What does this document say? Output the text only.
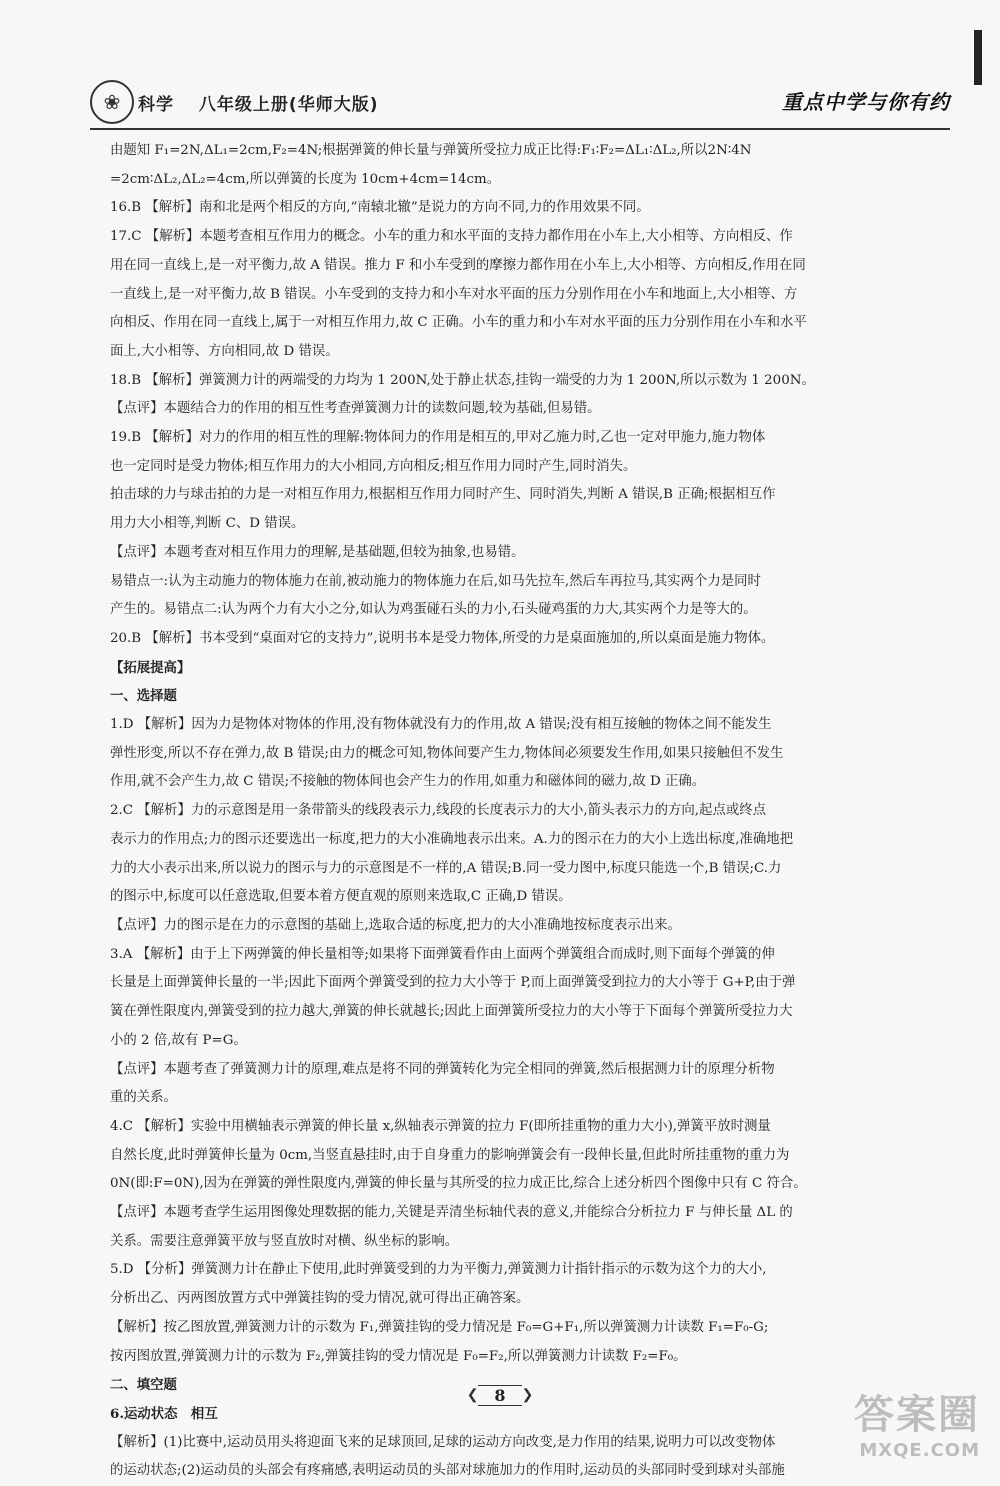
❀	科学 八年级上册(华师大版)	重点中学与你有约

由题知 F₁=2N,ΔL₁=2cm,F₂=4N;根据弹簧的伸长量与弹簧所受拉力成正比得:F₁∶F₂=ΔL₁∶ΔL₂,所以2N∶4N

=2cm∶ΔL₂,ΔL₂=4cm,所以弹簧的长度为 10cm+4cm=14cm。

16.B 【解析】南和北是两个相反的方向,“南辕北辙”是说力的方向不同,力的作用效果不同。

17.C 【解析】本题考查相互作用力的概念。小车的重力和水平面的支持力都作用在小车上,大小相等、方向相反、作

用在同一直线上,是一对平衡力,故 A 错误。推力 F 和小车受到的摩擦力都作用在小车上,大小相等、方向相反,作用在同

一直线上,是一对平衡力,故 B 错误。小车受到的支持力和小车对水平面的压力分别作用在小车和地面上,大小相等、方

向相反、作用在同一直线上,属于一对相互作用力,故 C 正确。小车的重力和小车对水平面的压力分别作用在小车和水平

面上,大小相等、方向相同,故 D 错误。

18.B 【解析】弹簧测力计的两端受的力均为 1 200N,处于静止状态,挂钩一端受的力为 1 200N,所以示数为 1 200N。

【点评】本题结合力的作用的相互性考查弹簧测力计的读数问题,较为基础,但易错。

19.B 【解析】对力的作用的相互性的理解:物体间力的作用是相互的,甲对乙施力时,乙也一定对甲施力,施力物体

也一定同时是受力物体;相互作用力的大小相同,方向相反;相互作用力同时产生,同时消失。

拍击球的力与球击拍的力是一对相互作用力,根据相互作用力同时产生、同时消失,判断 A 错误,B 正确;根据相互作

用力大小相等,判断 C、D 错误。

【点评】本题考查对相互作用力的理解,是基础题,但较为抽象,也易错。

易错点一:认为主动施力的物体施力在前,被动施力的物体施力在后,如马先拉车,然后车再拉马,其实两个力是同时

产生的。易错点二:认为两个力有大小之分,如认为鸡蛋碰石头的力小,石头碰鸡蛋的力大,其实两个力是等大的。

20.B 【解析】书本受到“桌面对它的支持力”,说明书本是受力物体,所受的力是桌面施加的,所以桌面是施力物体。

【拓展提高】

一、选择题

1.D 【解析】因为力是物体对物体的作用,没有物体就没有力的作用,故 A 错误;没有相互接触的物体之间不能发生

弹性形变,所以不存在弹力,故 B 错误;由力的概念可知,物体间要产生力,物体间必须要发生作用,如果只接触但不发生

作用,就不会产生力,故 C 错误;不接触的物体间也会产生力的作用,如重力和磁体间的磁力,故 D 正确。

2.C 【解析】力的示意图是用一条带箭头的线段表示力,线段的长度表示力的大小,箭头表示力的方向,起点或终点

表示力的作用点;力的图示还要选出一标度,把力的大小准确地表示出来。A.力的图示在力的大小上选出标度,准确地把

力的大小表示出来,所以说力的图示与力的示意图是不一样的,A 错误;B.同一受力图中,标度只能选一个,B 错误;C.力

的图示中,标度可以任意选取,但要本着方便直观的原则来选取,C 正确,D 错误。

【点评】力的图示是在力的示意图的基础上,选取合适的标度,把力的大小准确地按标度表示出来。

3.A 【解析】由于上下两弹簧的伸长量相等;如果将下面弹簧看作由上面两个弹簧组合而成时,则下面每个弹簧的伸

长量是上面弹簧伸长量的一半;因此下面两个弹簧受到的拉力大小等于 P,而上面弹簧受到拉力的大小等于 G+P,由于弹

簧在弹性限度内,弹簧受到的拉力越大,弹簧的伸长就越长;因此上面弹簧所受拉力的大小等于下面每个弹簧所受拉力大

小的 2 倍,故有 P=G。

【点评】本题考查了弹簧测力计的原理,难点是将不同的弹簧转化为完全相同的弹簧,然后根据测力计的原理分析物

重的关系。

4.C 【解析】实验中用横轴表示弹簧的伸长量 x,纵轴表示弹簧的拉力 F(即所挂重物的重力大小),弹簧平放时测量

自然长度,此时弹簧伸长量为 0cm,当竖直悬挂时,由于自身重力的影响弹簧会有一段伸长量,但此时所挂重物的重力为

0N(即:F=0N),因为在弹簧的弹性限度内,弹簧的伸长量与其所受的拉力成正比,综合上述分析四个图像中只有 C 符合。

【点评】本题考查学生运用图像处理数据的能力,关键是弄清坐标轴代表的意义,并能综合分析拉力 F 与伸长量 ΔL 的

关系。需要注意弹簧平放与竖直放时对横、纵坐标的影响。

5.D 【分析】弹簧测力计在静止下使用,此时弹簧受到的力为平衡力,弹簧测力计指针指示的示数为这个力的大小,

分析出乙、丙两图放置方式中弹簧挂钩的受力情况,就可得出正确答案。

【解析】按乙图放置,弹簧测力计的示数为 F₁,弹簧挂钩的受力情况是 F₀=G+F₁,所以弹簧测力计读数 F₁=F₀-G;

按丙图放置,弹簧测力计的示数为 F₂,弹簧挂钩的受力情况是 F₀=F₂,所以弹簧测力计读数 F₂=F₀。

二、填空题

6.运动状态　相互

【解析】(1)比赛中,运动员用头将迎面飞来的足球顶回,足球的运动方向改变,是力作用的结果,说明力可以改变物体

的运动状态;(2)运动员的头部会有疼痛感,表明运动员的头部对球施加力的作用时,运动员的头部同时受到球对头部施

❮	8	❯	答案圈
MXQE.COM
